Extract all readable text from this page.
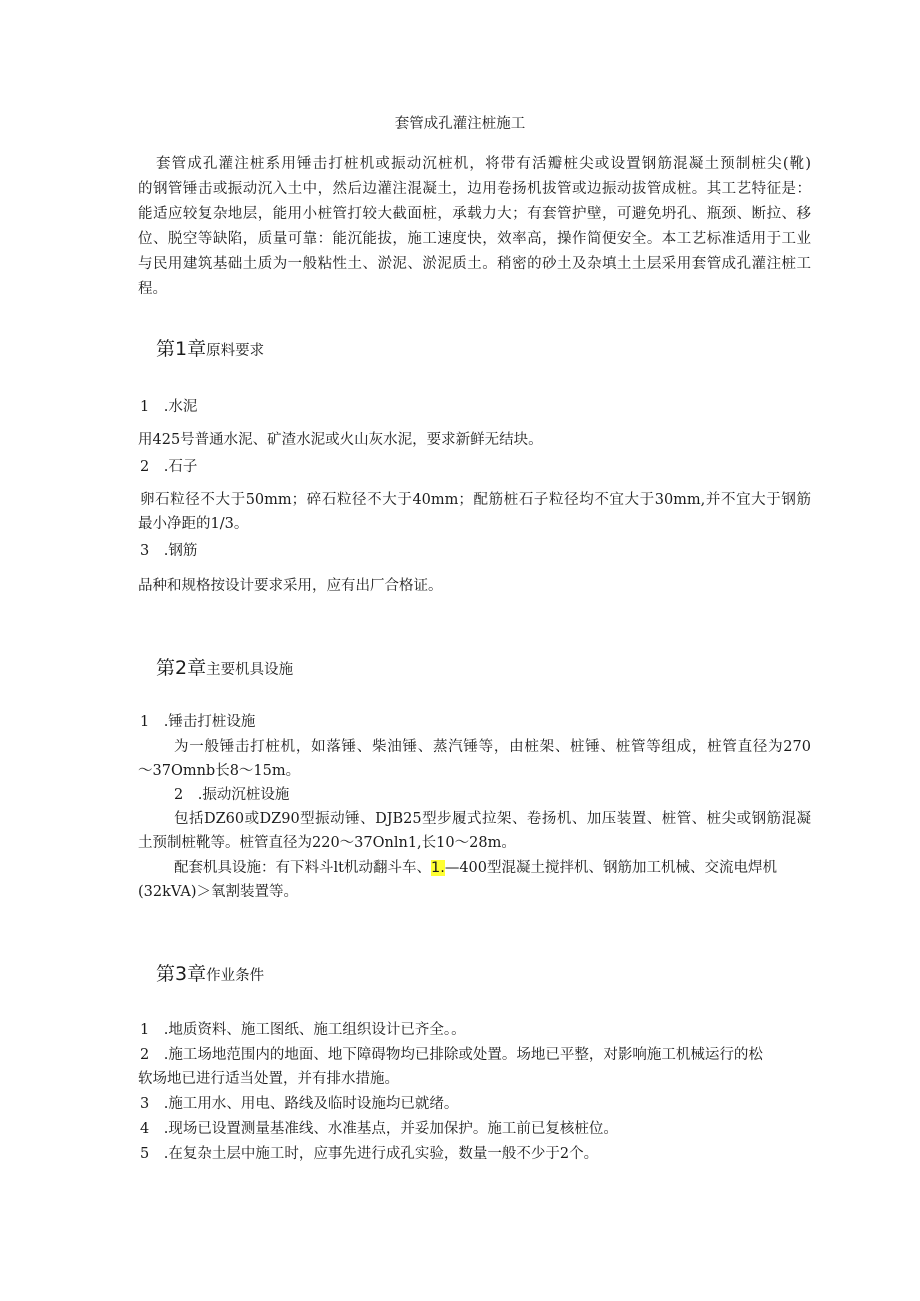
套管成孔灌注桩施工
套管成孔灌注桩系用锤击打桩机或振动沉桩机，将带有活瓣桩尖或设置钢筋混凝土预制桩尖(靴)
的钢管锤击或振动沉入土中，然后边灌注混凝土，边用卷扬机拔管或边振动拔管成桩。其工艺特征是：
能适应较复杂地层，能用小桩管打较大截面桩，承载力大；有套管护壁，可避免坍孔、瓶颈、断拉、移
位、脱空等缺陷，质量可靠：能沉能拔，施工速度快，效率高，操作简便安全。本工艺标准适用于工业
与民用建筑基础土质为一般粘性土、淤泥、淤泥质土。稍密的砂土及杂填土土层采用套管成孔灌注桩工
程。
第1章原料要求
1　.水泥
用425号普通水泥、矿渣水泥或火山灰水泥，要求新鲜无结块。
2　.石子
卵石粒径不大于50mm；碎石粒径不大于40mm；配筋桩石子粒径均不宜大于30mm,并不宜大于钢筋
最小净距的1/3。
3　.钢筋
品种和规格按设计要求采用，应有出厂合格证。
第2章主要机具设施
1　.锤击打桩设施
为一般锤击打桩机，如落锤、柴油锤、蒸汽锤等，由桩架、桩锤、桩管等组成，桩管直径为270
～37Omnb长8～15m。
2　.振动沉桩设施
包括DZ60或DZ90型振动锤、DJB25型步履式拉架、卷扬机、加压装置、桩管、桩尖或钢筋混凝
土预制桩靴等。桩管直径为220～37Onln1,长10～28m。
配套机具设施：有下料斗lt机动翻斗车、1.—400型混凝土搅拌机、钢筋加工机械、交流电焊机
(32kVA)＞氧割装置等。
第3章作业条件
1　.地质资料、施工图纸、施工组织设计已齐全。。
2　.施工场地范围内的地面、地下障碍物均已排除或处置。场地已平整，对影响施工机械运行的松
软场地已进行适当处置，并有排水措施。
3　.施工用水、用电、路线及临时设施均已就绪。
4　.现场已设置测量基准线、水准基点，并妥加保护。施工前已复核桩位。
5　.在复杂土层中施工时，应事先进行成孔实验，数量一般不少于2个。
